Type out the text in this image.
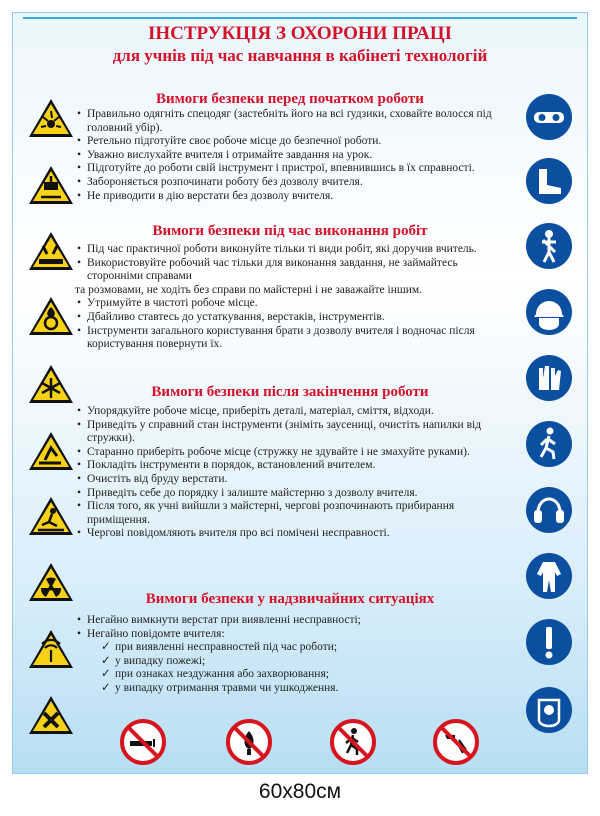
ІНСТРУКЦІЯ З ОХОРОНИ ПРАЦІ
для учнів під час навчання в кабінеті технологій
Вимоги безпеки перед початком роботи
• Правильно одягніть спецодяг (застебніть його на всі ґудзики, сховайте волосся під головний убір).
• Ретельно підготуйте своє робоче місце до безпечної роботи.
• Уважно вислухайте вчителя і отримайте завдання на урок.
• Підготуйте до роботи свій інструмент і пристрої, впевнившись в їх справності.
• Забороняється розпочинати роботу без дозволу вчителя.
• Не приводити в дію верстати без дозволу вчителя.
Вимоги безпеки під час виконання робіт
• Під час практичної роботи виконуйте тільки ті види робіт, які доручив вчитель.
• Використовуйте робочий час тільки для виконання завдання, не займайтесь сторонніми справами
та розмовами, не ходіть без справи по майстерні і не заважайте іншим.
• Утримуйте в чистоті робоче місце.
• Дбайливо ставтесь до устаткування, верстаків, інструментів.
• Інструменти загального користування брати з дозволу вчителя і водночас після користування повернути їх.
Вимоги безпеки після закінчення роботи
• Упорядкуйте робоче місце, приберіть деталі, матеріал, сміття, відходи.
• Приведіть у справний стан інструменти (зніміть заусениці, очистіть напилки від стружки).
• Старанно приберіть робоче місце (стружку не здувайте і не змахуйте руками).
• Покладіть інструменти в порядок, встановлений вчителем.
• Очистіть від бруду верстати.
• Приведіть себе до порядку і залиште майстерню з дозволу вчителя.
• Після того, як учні вийшли з майстерні, черговi розпочинають прибирання приміщення.
• Чергові повідомляють вчителя про всі помічені несправності.
Вимоги безпеки у надзвичайних ситуаціях
• Негайно вимкнути верстат при виявленні несправності;
• Негайно повідомте вчителя:
✓ при виявленні несправностей під час роботи;
✓ у випадку пожежі;
✓ при ознаках нездужання або захворювання;
✓ у випадку отримання травми чи ушкодження.
60х80см
